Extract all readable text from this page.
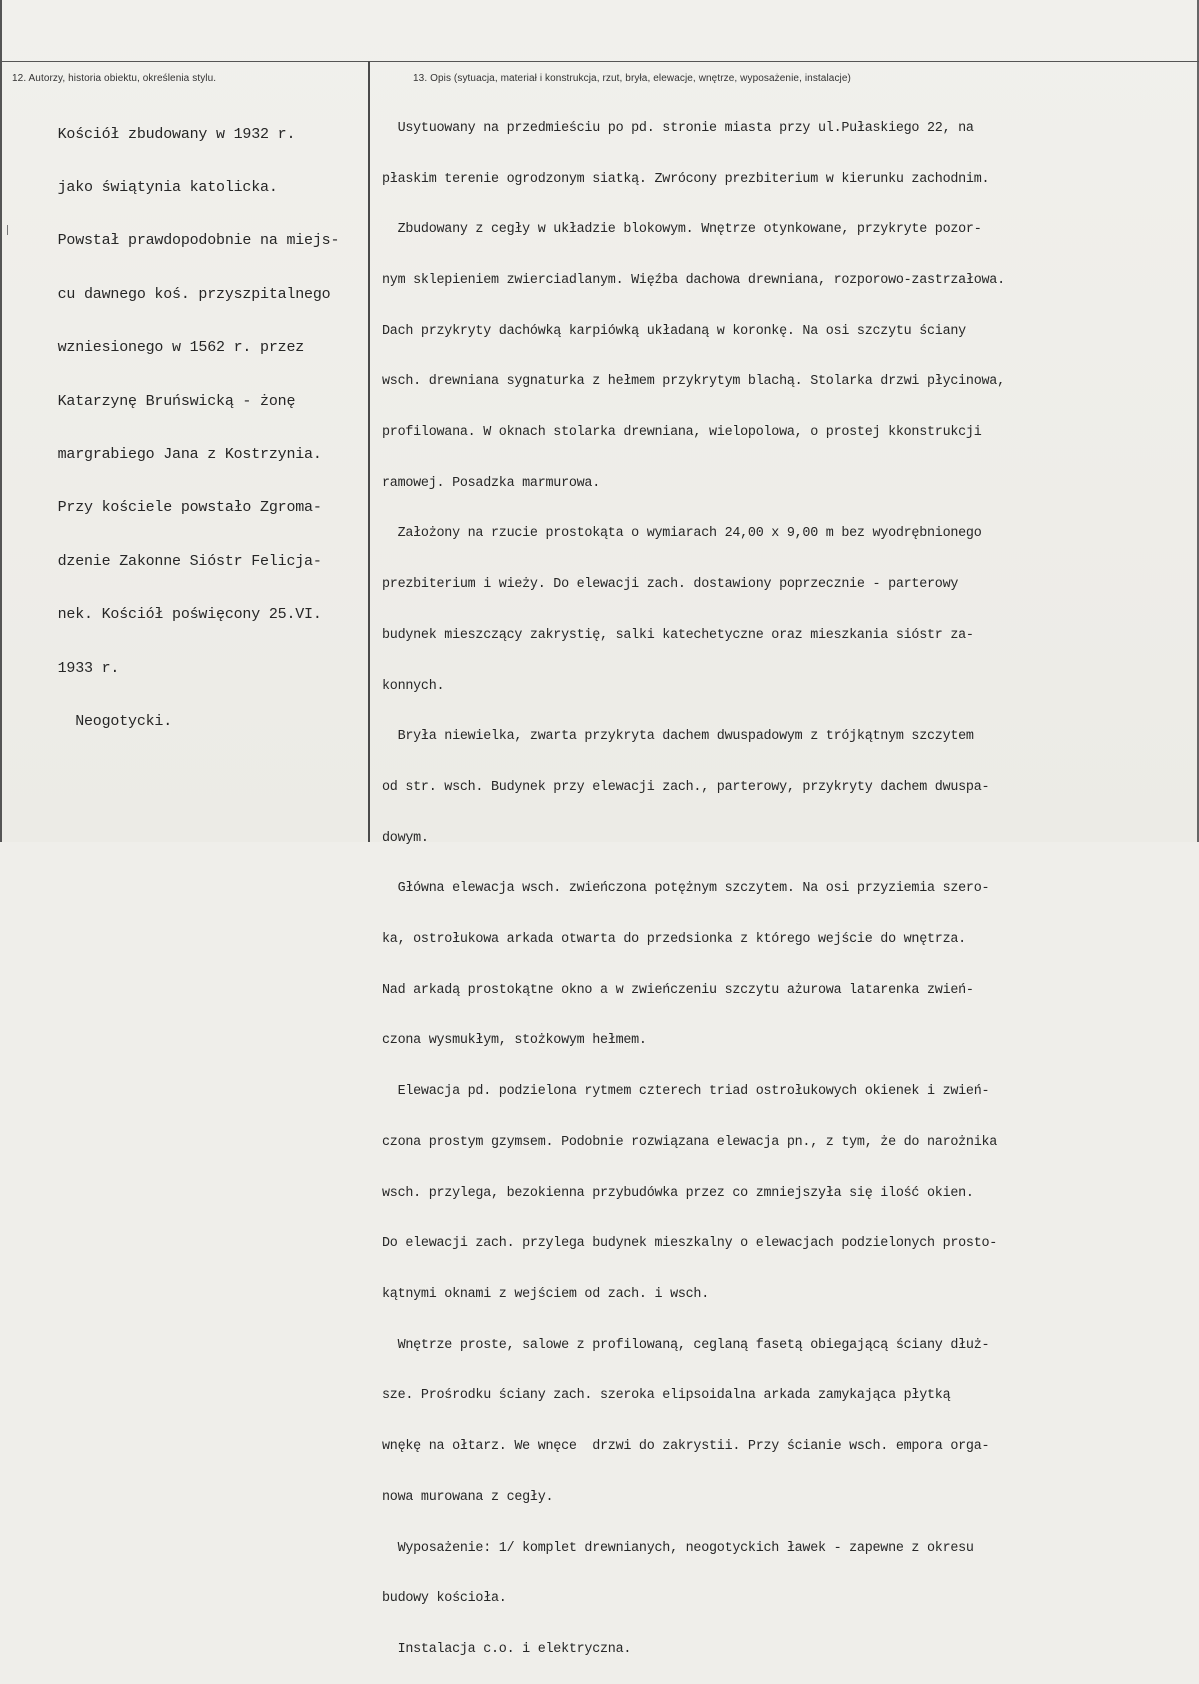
12. Autorzy, historia obiektu, określenia stylu.	13. Opis (sytuacja, materiał i konstrukcja, rzut, bryła, elewacje, wnętrze, wyposażenie, instalacje)

Kościół zbudowany w 1932 r.

jako świątynia katolicka.

Powstał prawdopodobnie na miejs-

cu dawnego koś. przyszpitalnego

wzniesionego w 1562 r. przez

Katarzynę Bruńswicką - żonę

margrabiego Jana z Kostrzynia.

Przy kościele powstało Zgroma-

dzenie Zakonne Sióstr Felicja-

nek. Kościół poświęcony 25.VI.

1933 r.

Neogotycki.

Usytuowany na przedmieściu po pd. stronie miasta przy ul.Pułaskiego 22, na

płaskim terenie ogrodzonym siatką. Zwrócony prezbiterium w kierunku zachodnim.

Zbudowany z cegły w układzie blokowym. Wnętrze otynkowane, przykryte pozor-

nym sklepieniem zwierciadlanym. Więźba dachowa drewniana, rozporowo-zastrzałowa.

Dach przykryty dachówką karpiówką układaną w koronkę. Na osi szczytu ściany

wsch. drewniana sygnaturka z hełmem przykrytym blachą. Stolarka drzwi płycinowa,

profilowana. W oknach stolarka drewniana, wielopolowa, o prostej kkonstrukcji

ramowej. Posadzka marmurowa.

Założony na rzucie prostokąta o wymiarach 24,00 x 9,00 m bez wyodrębnionego

prezbiterium i wieży. Do elewacji zach. dostawiony poprzecznie - parterowy

budynek mieszczący zakrystię, salki katechetyczne oraz mieszkania sióstr za-

konnych.

Bryła niewielka, zwarta przykryta dachem dwuspadowym z trójkątnym szczytem

od str. wsch. Budynek przy elewacji zach., parterowy, przykryty dachem dwuspa-

dowym.

Główna elewacja wsch. zwieńczona potężnym szczytem. Na osi przyziemia szero-

ka, ostrołukowa arkada otwarta do przedsionka z którego wejście do wnętrza.

Nad arkadą prostokątne okno a w zwieńczeniu szczytu ażurowa latarenka zwień-

czona wysmukłym, stożkowym hełmem.

Elewacja pd. podzielona rytmem czterech triad ostrołukowych okienek i zwień-

czona prostym gzymsem. Podobnie rozwiązana elewacja pn., z tym, że do narożnika

wsch. przylega, bezokienna przybudówka przez co zmniejszyła się ilość okien.

Do elewacji zach. przylega budynek mieszkalny o elewacjach podzielonych prosto-

kątnymi oknami z wejściem od zach. i wsch.

Wnętrze proste, salowe z profilowaną, ceglaną fasetą obiegającą ściany dłuż-

sze. Prośrodku ściany zach. szeroka elipsoidalna arkada zamykająca płytką

wnękę na ołtarz. We wnęce  drzwi do zakrystii. Przy ścianie wsch. empora orga-

nowa murowana z cegły.

Wyposażenie: 1/ komplet drewnianych, neogotyckich ławek - zapewne z okresu

budowy kościoła.

Instalacja c.o. i elektryczna.
